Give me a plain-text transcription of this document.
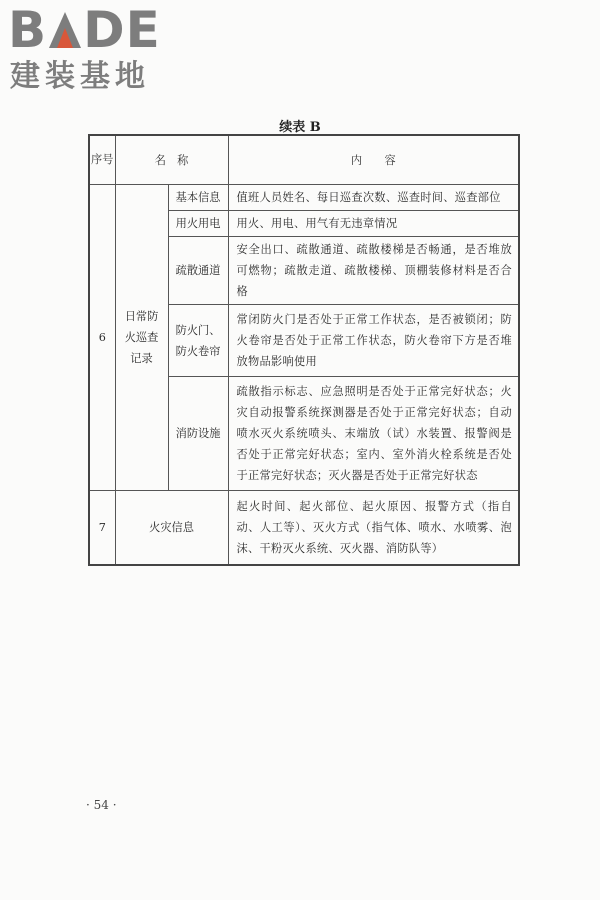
B DE
建装基地
续表 B
序号	名　称		内　　容
6	日常防火巡查记录	基本信息	值班人员姓名、每日巡查次数、巡查时间、巡查部位
		用火用电	用火、用电、用气有无违章情况
		疏散通道	安全出口、疏散通道、疏散楼梯是否畅通，是否堆放可燃物；疏散走道、疏散楼梯、顶棚装修材料是否合格
		防火门、防火卷帘	常闭防火门是否处于正常工作状态，是否被锁闭；防火卷帘是否处于正常工作状态，防火卷帘下方是否堆放物品影响使用
		消防设施	疏散指示标志、应急照明是否处于正常完好状态；火灾自动报警系统探测器是否处于正常完好状态；自动喷水灭火系统喷头、末端放（试）水装置、报警阀是否处于正常完好状态；室内、室外消火栓系统是否处于正常完好状态；灭火器是否处于正常完好状态
7	火灾信息		起火时间、起火部位、起火原因、报警方式（指自动、人工等）、灭火方式（指气体、喷水、水喷雾、泡沫、干粉灭火系统、灭火器、消防队等）
· 54 ·
